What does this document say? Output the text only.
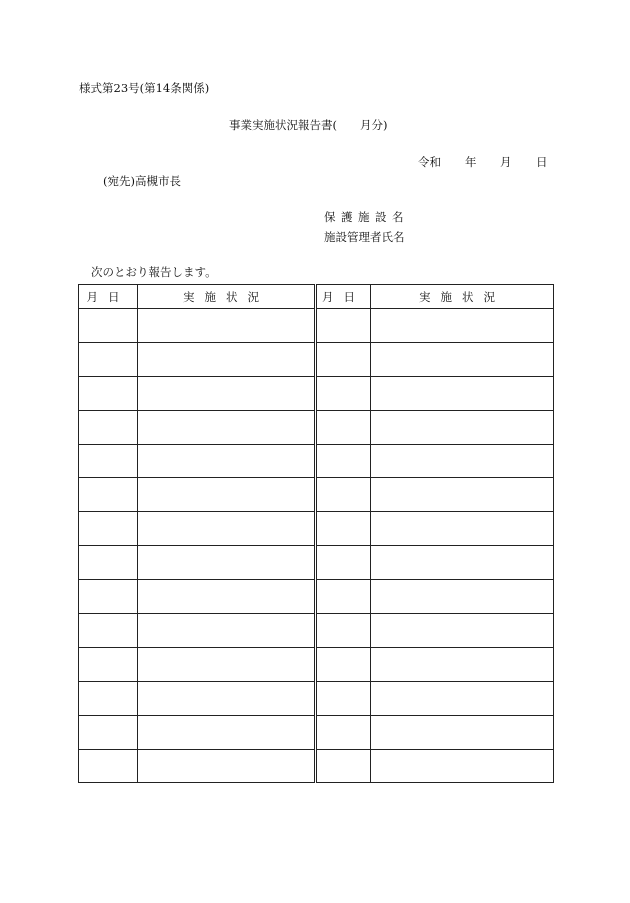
様式第23号(第14条関係)
事業実施状況報告書(　　月分)
令和 年 月 日
(宛先)高槻市長
保護施設名
施設管理者氏名
次のとおり報告します。
月日	実施状況	月日	実施状況
